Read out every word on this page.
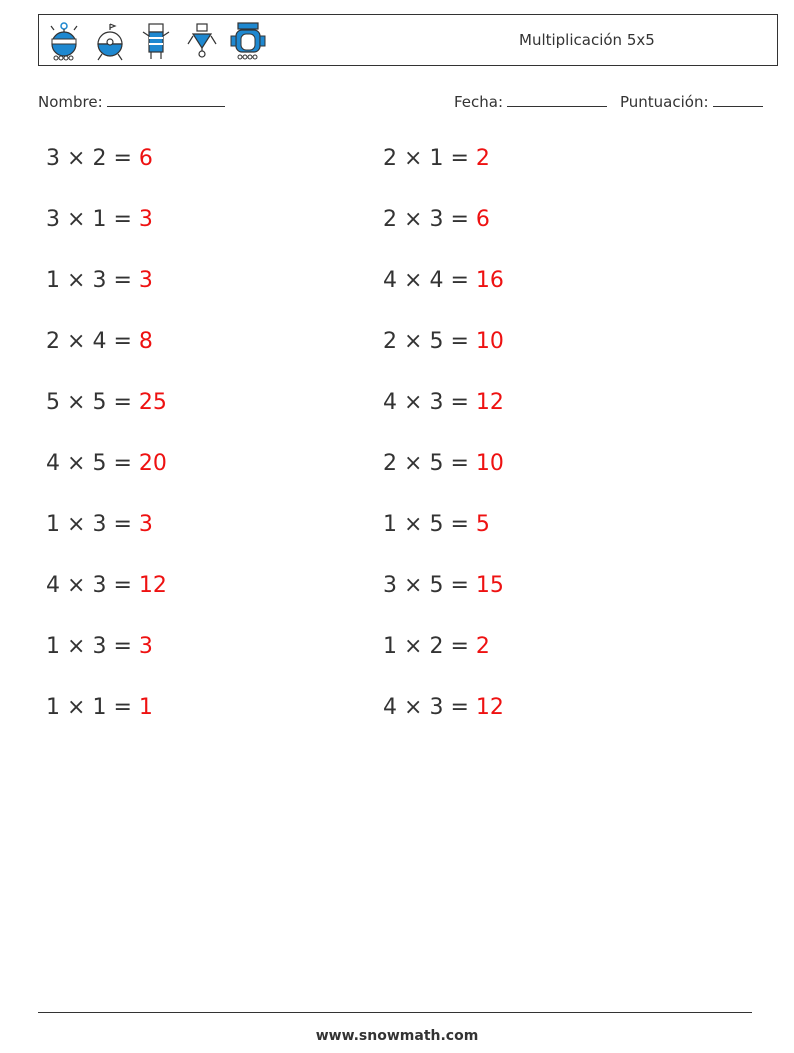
Multiplicación 5x5
Nombre:	Fecha:	Puntuación:
3 × 2 = 6
3 × 1 = 3
1 × 3 = 3
2 × 4 = 8
5 × 5 = 25
4 × 5 = 20
1 × 3 = 3
4 × 3 = 12
1 × 3 = 3
1 × 1 = 1
2 × 1 = 2
2 × 3 = 6
4 × 4 = 16
2 × 5 = 10
4 × 3 = 12
2 × 5 = 10
1 × 5 = 5
3 × 5 = 15
1 × 2 = 2
4 × 3 = 12
www.snowmath.com
